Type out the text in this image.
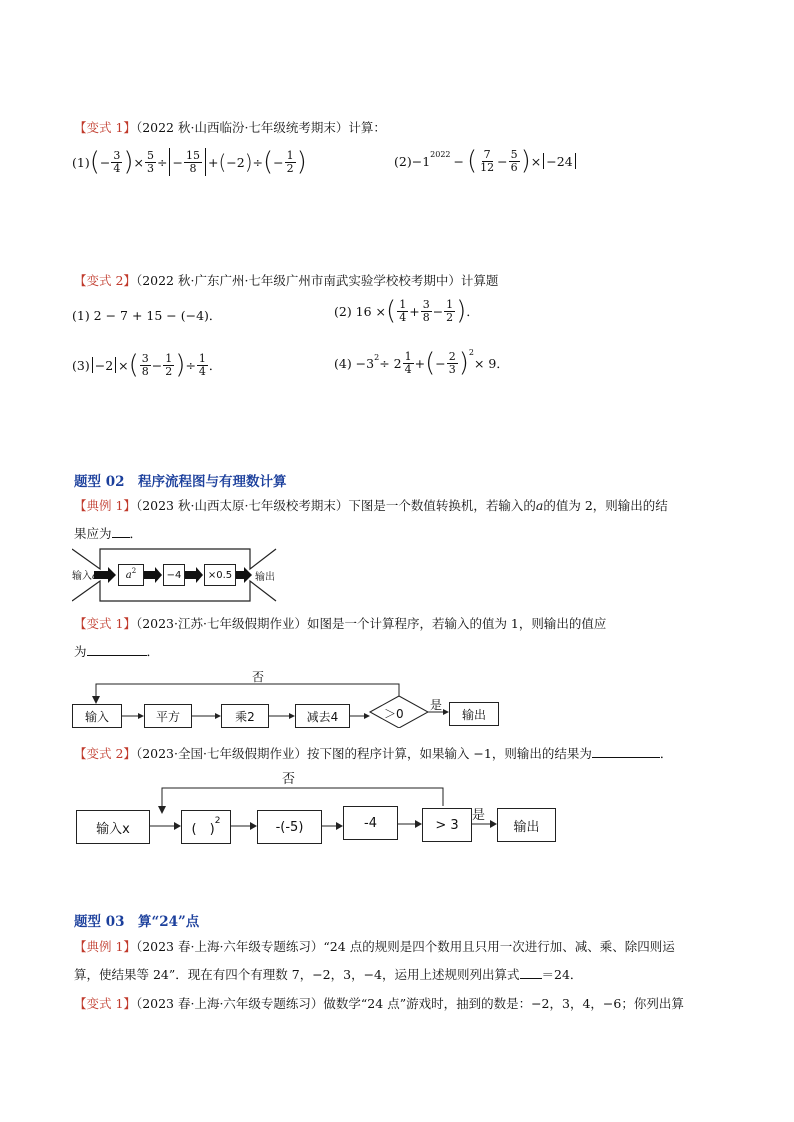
【变式 1】（2022 秋·山西临汾·七年级统考期末）计算：
(1) ( − $\frac{3}{4}$ ) × $\frac{5}{3}$ ÷ − $\frac{15}{8}$ + ( −2 ) ÷ ( − $\frac{1}{2}$ )	(2) −1 2022 − ( $\frac{7}{12} - \frac{5}{6}$ ) × −24
【变式 2】（2022 秋·广东广州·七年级广州市南武实验学校校考期中）计算题
(1) 2 − 7 + 15 − (−4)．	(2) 16 × ( $\frac{1}{4} + \frac{3}{8} - \frac{1}{2}$ ) ．
(3) −2 × ( $\frac{3}{8} - \frac{1}{2}$ ) ÷ $\frac{1}{4}$ ．	(4) −3 $2 \div 2 \frac{1}{4}$ + ( − $\frac{2}{3}$ ) 2
× 9．
题型 02　程序流程图与有理数计算
【典例 1】（2023 秋·山西太原·七年级校考期末）下图是一个数值转换机，若输入的a的值为 2，则输出的结
果应为 ．
输入a	a 2	−4	×0.5	输出
【变式 1】（2023·江苏·七年级假期作业）如图是一个计算程序，若输入的值为 1，则输出的值应
为	．
否
是
输入	平方	乘2	减去4	＞0	输出
【变式 2】（2023·全国·七年级假期作业）按下图的程序计算，如果输入 −1，则输出的结果为	．
否
是
输入x	(　)
2	-(-5)	-4	> 3	输出
题型 03　算“24”点
【典例 1】（2023 春·上海·六年级专题练习）“24 点的规则是四个数用且只用一次进行加、减、乘、除四则运
算，使结果等 24”．现在有四个有理数 7，−2，3，−4，运用上述规则列出算式 ＝24．
【变式 1】（2023 春·上海·六年级专题练习）做数学“24 点”游戏时，抽到的数是：−2，3，4，−6；你列出算
